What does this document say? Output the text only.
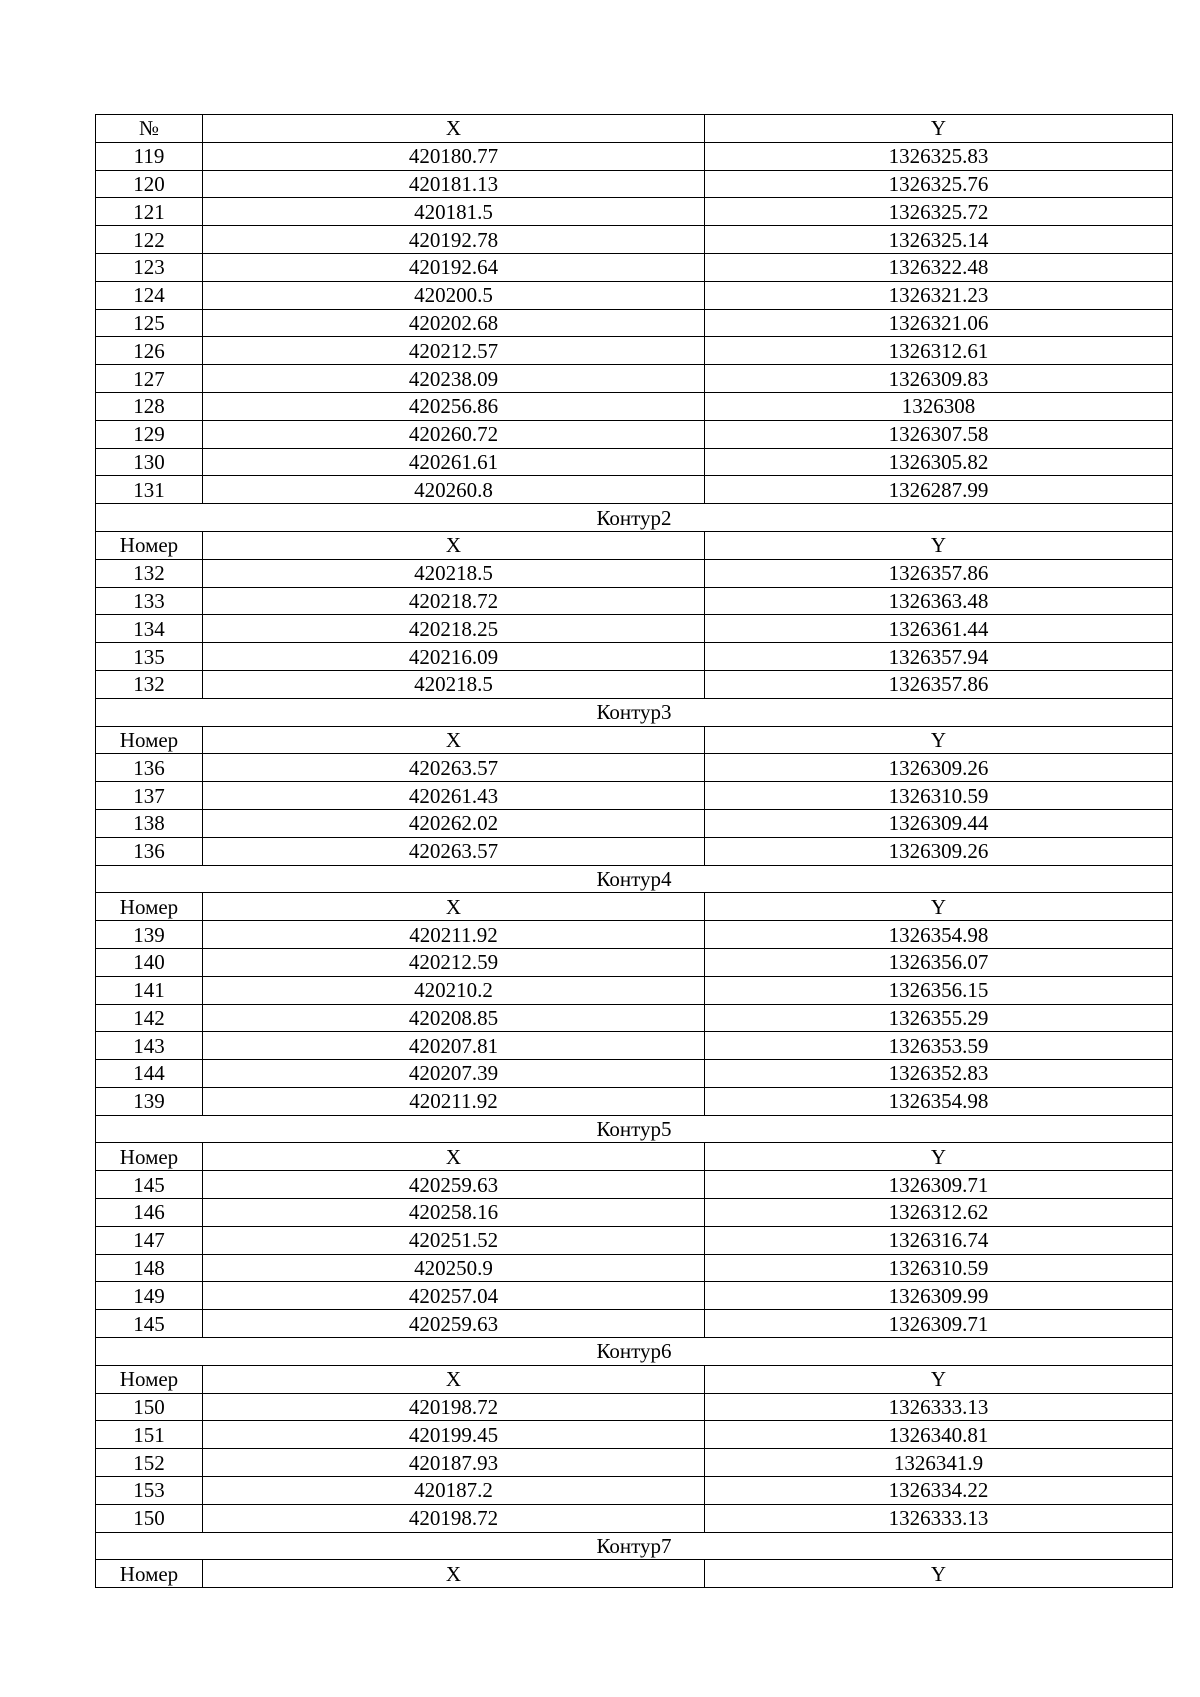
№	X	Y
119	420180.77	1326325.83
120	420181.13	1326325.76
121	420181.5	1326325.72
122	420192.78	1326325.14
123	420192.64	1326322.48
124	420200.5	1326321.23
125	420202.68	1326321.06
126	420212.57	1326312.61
127	420238.09	1326309.83
128	420256.86	1326308
129	420260.72	1326307.58
130	420261.61	1326305.82
131	420260.8	1326287.99
Контур2		
Номер	X	Y
132	420218.5	1326357.86
133	420218.72	1326363.48
134	420218.25	1326361.44
135	420216.09	1326357.94
132	420218.5	1326357.86
Контур3		
Номер	X	Y
136	420263.57	1326309.26
137	420261.43	1326310.59
138	420262.02	1326309.44
136	420263.57	1326309.26
Контур4		
Номер	X	Y
139	420211.92	1326354.98
140	420212.59	1326356.07
141	420210.2	1326356.15
142	420208.85	1326355.29
143	420207.81	1326353.59
144	420207.39	1326352.83
139	420211.92	1326354.98
Контур5		
Номер	X	Y
145	420259.63	1326309.71
146	420258.16	1326312.62
147	420251.52	1326316.74
148	420250.9	1326310.59
149	420257.04	1326309.99
145	420259.63	1326309.71
Контур6		
Номер	X	Y
150	420198.72	1326333.13
151	420199.45	1326340.81
152	420187.93	1326341.9
153	420187.2	1326334.22
150	420198.72	1326333.13
Контур7		
Номер	X	Y
